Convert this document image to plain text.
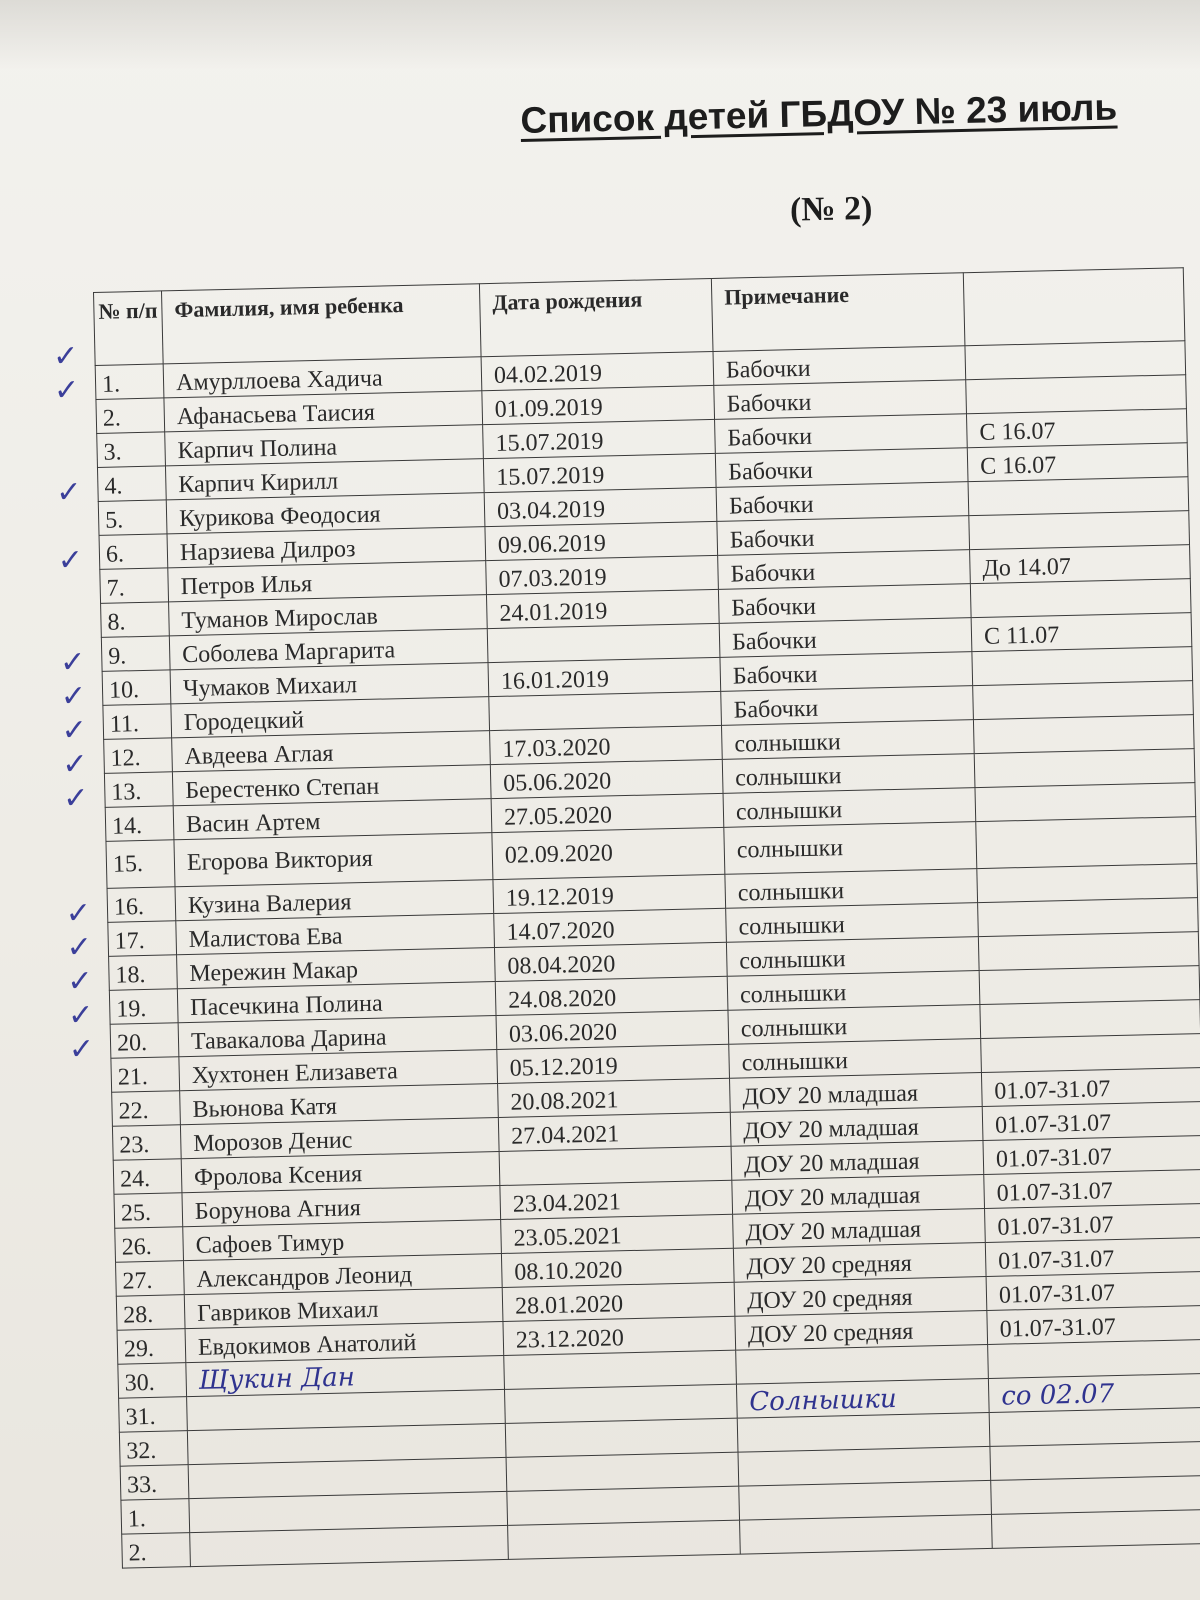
Список детей ГБДОУ № 23 июль
(№ 2)
№ п/п	Фамилия, имя ребенка	Дата рождения	Примечание	
1.	Амурллоева Хадича	04.02.2019	Бабочки	
2.	Афанасьева Таисия	01.09.2019	Бабочки	
3.	Карпич Полина	15.07.2019	Бабочки	С 16.07
4.	Карпич Кирилл	15.07.2019	Бабочки	С 16.07
5.	Курикова Феодосия	03.04.2019	Бабочки	
6.	Нарзиева Дилроз	09.06.2019	Бабочки	
7.	Петров Илья	07.03.2019	Бабочки	До 14.07
8.	Туманов Мирослав	24.01.2019	Бабочки	
9.	Соболева Маргарита		Бабочки	С 11.07
10.	Чумаков Михаил	16.01.2019	Бабочки	
11.	Городецкий		Бабочки	
12.	Авдеева Аглая	17.03.2020	солнышки	
13.	Берестенко Степан	05.06.2020	солнышки	
14.	Васин Артем	27.05.2020	солнышки	
15.	Егорова Виктория	02.09.2020	солнышки	
16.	Кузина Валерия	19.12.2019	солнышки	
17.	Малистова Ева	14.07.2020	солнышки	
18.	Мережин Макар	08.04.2020	солнышки	
19.	Пасечкина Полина	24.08.2020	солнышки	
20.	Тавакалова Дарина	03.06.2020	солнышки	
21.	Хухтонен Елизавета	05.12.2019	солнышки	
22.	Вьюнова Катя	20.08.2021	ДОУ 20 младшая	01.07-31.07
23.	Морозов Денис	27.04.2021	ДОУ 20 младшая	01.07-31.07
24.	Фролова Ксения		ДОУ 20 младшая	01.07-31.07
25.	Борунова Агния	23.04.2021	ДОУ 20 младшая	01.07-31.07
26.	Сафоев Тимур	23.05.2021	ДОУ 20 младшая	01.07-31.07
27.	Александров Леонид	08.10.2020	ДОУ 20 средняя	01.07-31.07
28.	Гавриков Михаил	28.01.2020	ДОУ 20 средняя	01.07-31.07
29.	Евдокимов Анатолий	23.12.2020	ДОУ 20 средняя	01.07-31.07
30.	Щукин Дан			
31.			Солнышки	со 02.07
32.				
33.				
1.				
2.				
✓
✓
✓
✓
✓
✓
✓
✓
✓
✓
✓
✓
✓
✓
